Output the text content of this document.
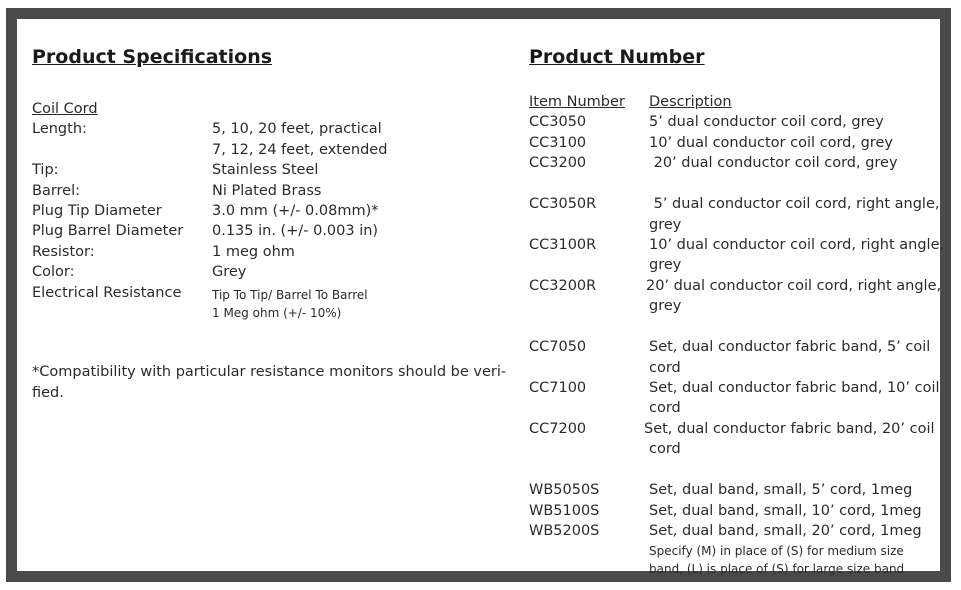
Product Specifications
Coil Cord
Length:	5, 10, 20 feet, practical
7, 12, 24 feet, extended
Tip:	Stainless Steel
Barrel:	Ni Plated Brass
Plug Tip Diameter	3.0 mm (+/- 0.08mm)*
Plug Barrel Diameter 0.135 in. (+/- 0.003 in)
Resistor:	1 meg ohm
Color:	Grey
Electrical Resistance	Tip To Tip/ Barrel To Barrel
1 Meg ohm (+/- 10%)
*Compatibility with particular resistance monitors should be veri-
fied.
Product Number
Item Number Description
CC3050	5’ dual conductor coil cord, grey
CC3100	10’ dual conductor coil cord, grey
CC3200	20’ dual conductor coil cord, grey
CC3050R	5’ dual conductor coil cord, right angle,
grey
CC3100R	10’ dual conductor coil cord, right angle,
grey
CC3200R	20’ dual conductor coil cord, right angle,
grey
CC7050	Set, dual conductor fabric band, 5’ coil
cord
CC7100	Set, dual conductor fabric band, 10’ coil
cord
CC7200	Set, dual conductor fabric band, 20’ coil
cord
WB5050S	Set, dual band, small, 5’ cord, 1meg
WB5100S	Set, dual band, small, 10’ cord, 1meg
WB5200S	Set, dual band, small, 20’ cord, 1meg
Specify (M) in place of (S) for medium size
band, (L) is place of (S) for large size band
